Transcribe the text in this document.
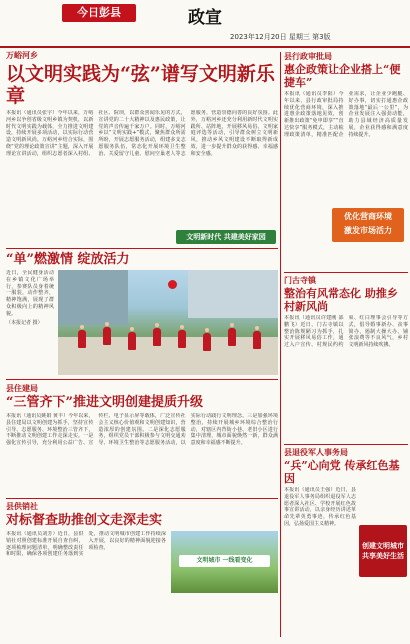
今日彭县	政宣
2023年12月20日 星期三 第3版
万峪河乡
以文明实践为“弦”谱写文明新乐章
本报讯（通讯员张宇）今年以来，万峪河乡以争创省级文明乡镇为契机，以新时代文明实践为载体，全力推进文明建设，持续开展多项活动，以实际行动营造文明新风尚。万峪河乡结合实际，围绕“党的理论政策宣讲”主题，深入开展理论宣讲活动，组织志愿者深入村组、社区、院坝，以群众喜闻乐见的方式，宣讲党的二十大精神以及惠民政策，让党的声音传遍千家万户。同时，万峪河乡以“文明实践+”模式，聚焦群众所需所盼，开展志愿服务活动，组建多支志愿服务队伍，常态化开展环境卫生整治、关爱留守儿童、慰问空巢老人等志愿服务，营造崇德向善的良好氛围。此外，万峪河乡还充分利用新时代文明实践所、站阵地，开展移风易俗、文明家庭评选等活动，引导群众树立文明新风，推动乡风文明建设不断取得新成效，进一步提升群众的获得感、幸福感和安全感。
文明新时代 共建美好家园
“单”燃激情 绽放活力
近日，全民健身活动在乡镇文化广场举行，参赛队员身着统一服装，动作整齐，精神饱满，展现了群众积极向上的精神风貌。
（本报记者 摄）
县住建局
“三管齐下”推进文明创建提质升级
本报讯（通讯员姚娟 黄丰）今年以来，县住建局以文明创建为抓手，坚持宣传引导、志愿服务、环境整治三管齐下，不断推动文明创建工作走深走实。一是强化宣传引导，充分利用公益广告、宣传栏、电子显示屏等载体，广泛宣传社会主义核心价值观和文明创建知识，营造浓厚的创建氛围。二是深化志愿服务，组织党员干部积极参与文明交通劝导、环境卫生整治等志愿服务活动，以实际行动践行文明理念。三是加强环境整治，持续开展城乡环境综合整治行动，对辖区内背街小巷、老旧小区进行集中清理，城市面貌焕然一新，群众满意度和幸福感不断提升。
县供销社
对标督查助推创文走深走实
本报讯（通讯员刘芳）近日，县供销社对照创建标准开展自查自纠，逐项梳理问题清单，明确整改责任和时限，确保各项创建任务落到实处，推动文明城市创建工作持续深入开展，以良好的精神面貌迎接各项检查。
文明城市 一线看变化
县行政审批局
惠企政策让企业搭上“便捷车”
本报讯（通讯员李阳）今年以来，县行政审批局持续优化营商环境，深入推进惠企政策落地见效，创新推出政策“免申即享”“直达快享”服务模式，主动梳理政策清单，精准匹配企业需求，让企业少跑腿、好办事，切实打通惠企政策落地“最后一公里”，为企业发展注入强劲动能，助力县域经济高质量发展，企业获得感和满意度持续提升。
优化营商环境
激发市场活力
门古寺镇
整治有风常态化 助推乡村新风尚
本报讯（通讯员许建刚 邵鹏飞）近日，门古寺镇以整治陈规陋习为抓手，扎实开展移风易俗工作，通过入户宣传、村规民约约束、红白理事会引导等方式，倡导婚事新办、丧事简办，遏制大操大办、铺张浪费等不良风气，乡村文明新风持续吹拂。
县退役军人事务局
“兵”心向党 传承红色基因
本报讯（通讯员王强）近日，县退役军人事务局组织退役军人志愿者深入社区、学校开展红色故事宣讲活动，以亲身经历讲述革命先辈英勇事迹，传承红色基因，弘扬爱国主义精神。
创建文明城市 共享美好生活
